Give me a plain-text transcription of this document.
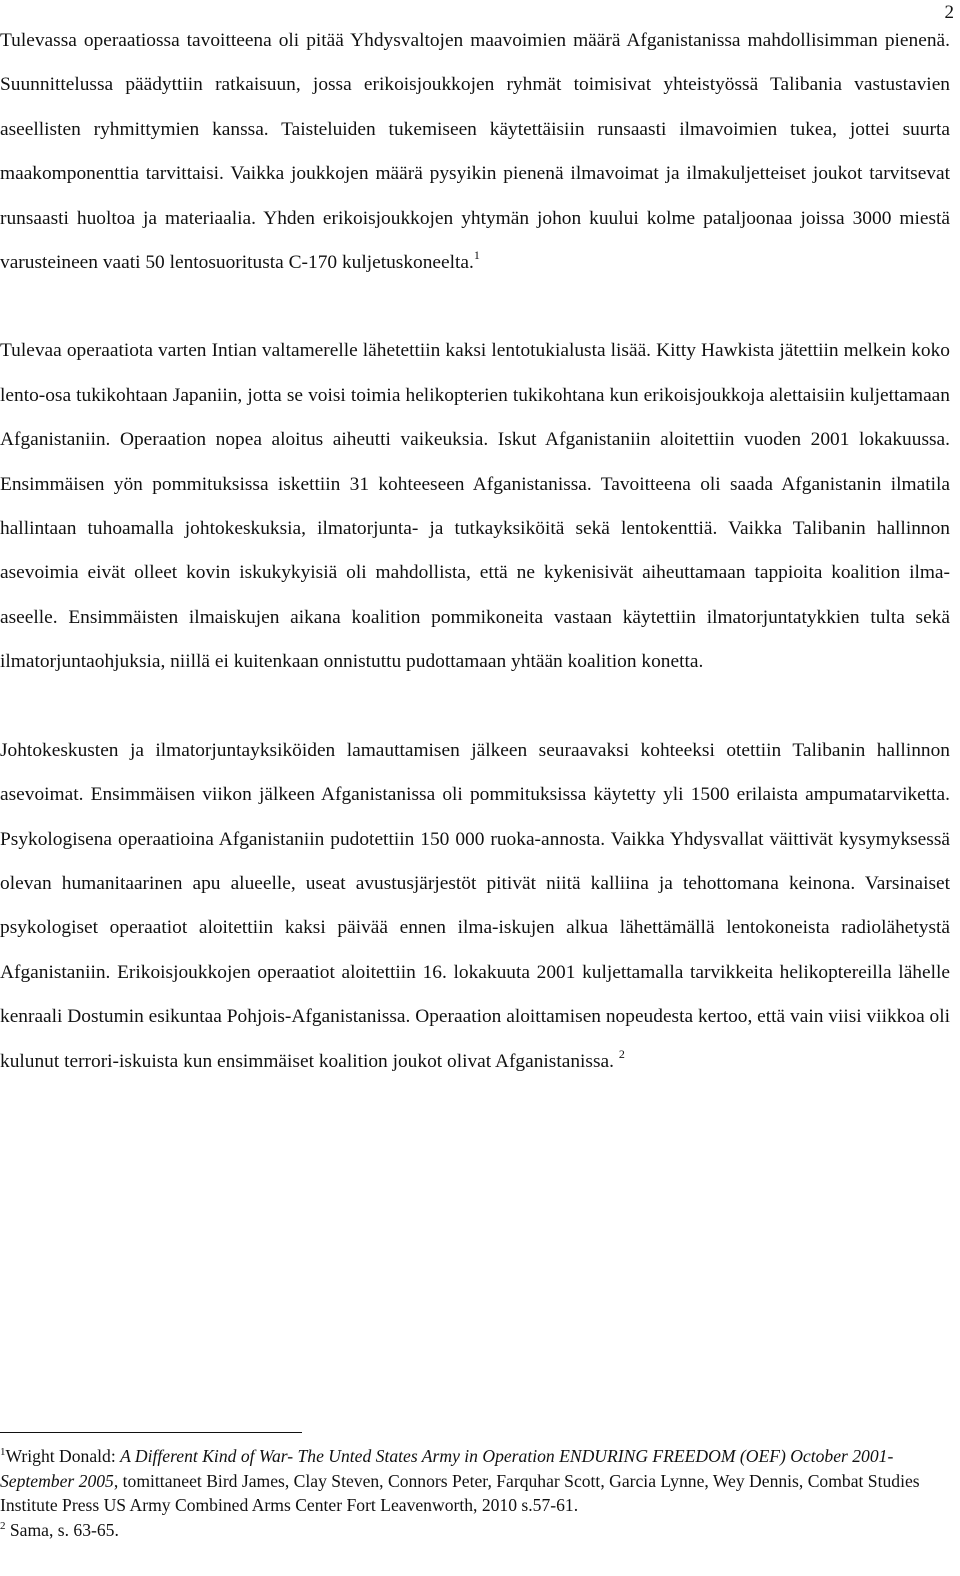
2

Tulevassa operaatiossa tavoitteena oli pitää Yhdysvaltojen maavoimien määrä Afganistanissa mahdollisimman pienenä. Suunnittelussa päädyttiin ratkaisuun, jossa erikoisjoukkojen ryhmät toimisivat yhteistyössä Talibania vastustavien aseellisten ryhmittymien kanssa. Taisteluiden tukemiseen käytettäisiin runsaasti ilmavoimien tukea, jottei suurta maakomponenttia tarvittaisi. Vaikka joukkojen määrä pysyikin pienenä ilmavoimat ja ilmakuljetteiset joukot tarvitsevat runsaasti huoltoa ja materiaalia. Yhden erikoisjoukkojen yhtymän johon kuului kolme pataljoonaa joissa 3000 miestä varusteineen vaati 50 lentosuoritusta C-170 kuljetuskoneelta.$^1$

Tulevaa operaatiota varten Intian valtamerelle lähetettiin kaksi lentotukialusta lisää. Kitty Hawkista jätettiin melkein koko lento-osa tukikohtaan Japaniin, jotta se voisi toimia helikopterien tukikohtana kun erikoisjoukkoja alettaisiin kuljettamaan Afganistaniin. Operaation nopea aloitus aiheutti vaikeuksia. Iskut Afganistaniin aloitettiin vuoden 2001 lokakuussa. Ensimmäisen yön pommituksissa iskettiin 31 kohteeseen Afganistanissa. Tavoitteena oli saada Afganistanin ilmatila hallintaan tuhoamalla johtokeskuksia, ilmatorjunta- ja tutkayksiköitä sekä lentokenttiä. Vaikka Talibanin hallinnon asevoimia eivät olleet kovin iskukykyisiä oli mahdollista, että ne kykenisivät aiheuttamaan tappioita koalition ilma-aseelle. Ensimmäisten ilmaiskujen aikana koalition pommikoneita vastaan käytettiin ilmatorjuntatykkien tulta sekä ilmatorjuntaohjuksia, niillä ei kuitenkaan onnistuttu pudottamaan yhtään koalition konetta.

Johtokeskusten ja ilmatorjuntayksiköiden lamauttamisen jälkeen seuraavaksi kohteeksi otettiin Talibanin hallinnon asevoimat. Ensimmäisen viikon jälkeen Afganistanissa oli pommituksissa käytetty yli 1500 erilaista ampumatarviketta. Psykologisena operaatioina Afganistaniin pudotettiin 150 000 ruoka-annosta. Vaikka Yhdysvallat väittivät kysymyksessä olevan humanitaarinen apu alueelle, useat avustusjärjestöt pitivät niitä kalliina ja tehottomana keinona. Varsinaiset psykologiset operaatiot aloitettiin kaksi päivää ennen ilma-iskujen alkua lähettämällä lentokoneista radiolähetystä Afganistaniin. Erikoisjoukkojen operaatiot aloitettiin 16. lokakuuta 2001 kuljettamalla tarvikkeita helikoptereilla lähelle kenraali Dostumin esikuntaa Pohjois-Afganistanissa. Operaation aloittamisen nopeudesta kertoo, että vain viisi viikkoa oli kulunut terrori-iskuista kun ensimmäiset koalition joukot olivat Afganistanissa. $^2$

$^1$Wright Donald: A Different Kind of War- The Unted States Army in Operation ENDURING FREEDOM (OEF) October 2001-September 2005, tomittaneet Bird James, Clay Steven, Connors Peter, Farquhar Scott, Garcia Lynne, Wey Dennis, Combat Studies Institute Press US Army Combined Arms Center Fort Leavenworth, 2010 s.57-61.

$^2$ Sama, s. 63-65.
